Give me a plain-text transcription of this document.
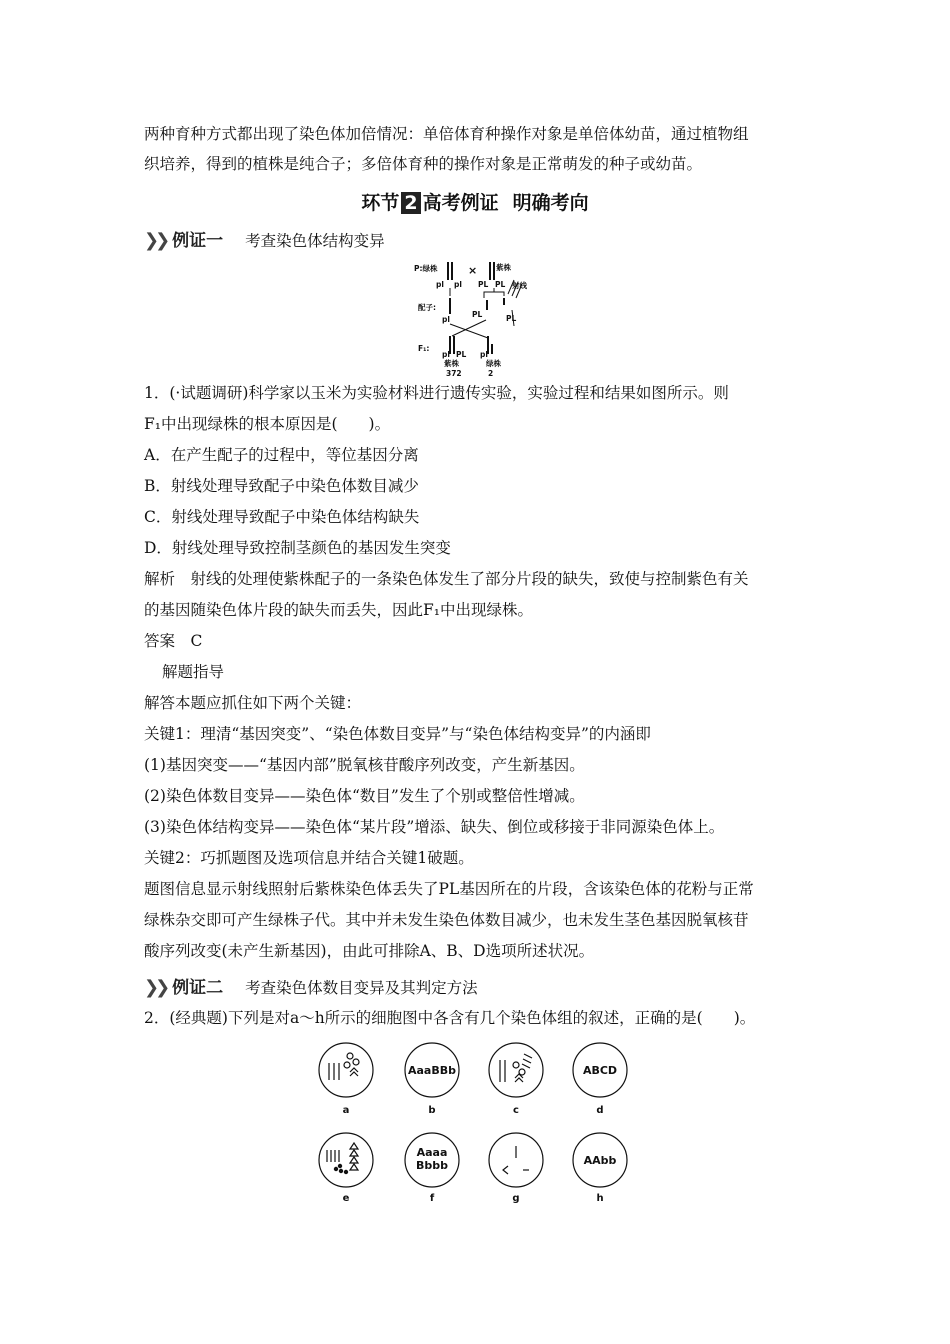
两种育种方式都出现了染色体加倍情况：单倍体育种操作对象是单倍体幼苗，通过植物组
织培养，得到的植株是纯合子；多倍体育种的操作对象是正常萌发的种子或幼苗。
环节 2 高考例证 明确考向
❯❯ 例证一 考查染色体结构变异
P:绿株	×	紫株
射线
pl pl PL PL
配子:
pl
PL	PL
F₁:
pl PL pl
紫株
372
绿株
2
1．(·试题调研)科学家以玉米为实验材料进行遗传实验，实验过程和结果如图所示。则
F₁中出现绿株的根本原因是(　　)。
A．在产生配子的过程中，等位基因分离
B．射线处理导致配子中染色体数目减少
C．射线处理导致配子中染色体结构缺失
D．射线处理导致控制茎颜色的基因发生突变
解析　射线的处理使紫株配子的一条染色体发生了部分片段的缺失，致使与控制紫色有关
的基因随染色体片段的缺失而丢失，因此F₁中出现绿株。
答案　C
解题指导
解答本题应抓住如下两个关键：
关键1：理清“基因突变”、“染色体数目变异”与“染色体结构变异”的内涵即
(1)基因突变——“基因内部”脱氧核苷酸序列改变，产生新基因。
(2)染色体数目变异——染色体“数目”发生了个别或整倍性增减。
(3)染色体结构变异——染色体“某片段”增添、缺失、倒位或移接于非同源染色体上。
关键2：巧抓题图及选项信息并结合关键1破题。
题图信息显示射线照射后紫株染色体丢失了PL基因所在的片段，含该染色体的花粉与正常
绿株杂交即可产生绿株子代。其中并未发生染色体数目减少，也未发生茎色基因脱氧核苷
酸序列改变(未产生新基因)，由此可排除A、B、D选项所述状况。
❯❯ 例证二 考查染色体数目变异及其判定方法
2．(经典题)下列是对a～h所示的细胞图中各含有几个染色体组的叙述，正确的是(　　)。
AaaBBb	ABCD
Aaaa
Bbbb	AAbb
a	b	c	d
e	f	g	h
